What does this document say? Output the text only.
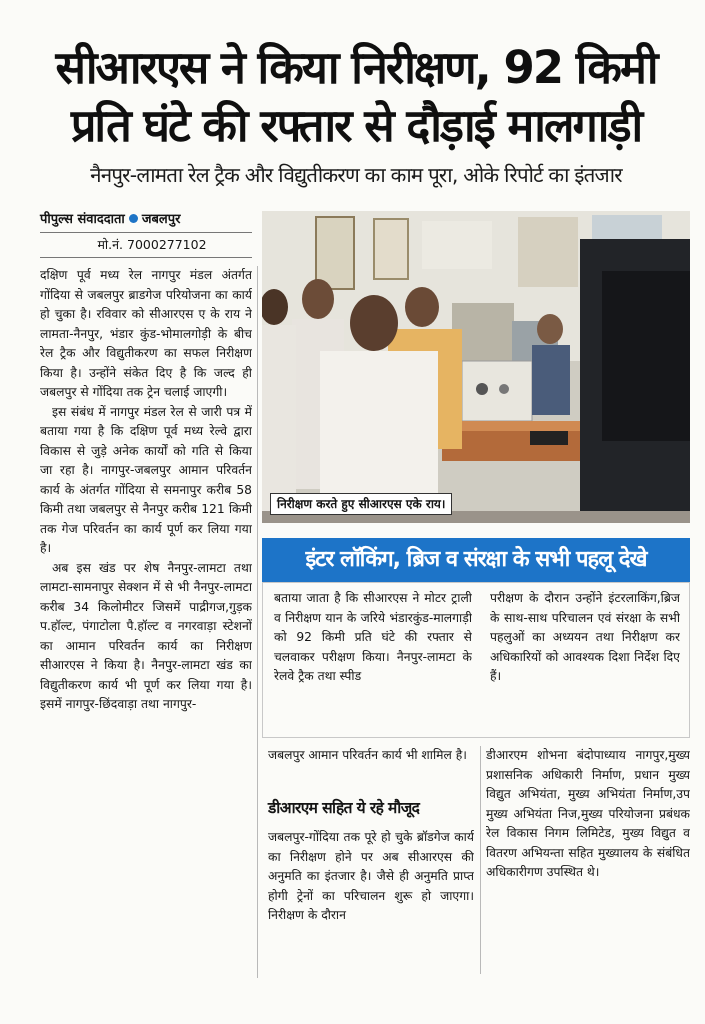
सीआरएस ने किया निरीक्षण, 92 किमी
प्रति घंटे की रफ्तार से दौड़ाई मालगाड़ी
नैनपुर-लामता रेल ट्रैक और विद्युतीकरण का काम पूरा, ओके रिपोर्ट का इंतजार
पीपुल्स संवाददाता जबलपुर
मो.नं. 7000277102

दक्षिण पूर्व मध्य रेल नागपुर मंडल अंतर्गत गोंदिया से जबलपुर ब्राडगेज परियोजना का कार्य हो चुका है। रविवार को सीआरएस ए के राय ने लामता-नैनपुर, भंडार कुंड-भोमालगोड़ी के बीच रेल ट्रैक और विद्युतीकरण का सफल निरीक्षण किया है। उन्होंने संकेत दिए है कि जल्द ही जबलपुर से गोंदिया तक ट्रेन चलाई जाएगी।

इस संबंध में नागपुर मंडल रेल से जारी पत्र में बताया गया है कि दक्षिण पूर्व मध्य रेल्वे द्वारा विकास से जुड़े अनेक कार्यों को गति से किया जा रहा है। नागपुर-जबलपुर आमान परिवर्तन कार्य के अंतर्गत गोंदिया से समनापुर करीब 58 किमी तथा जबलपुर से नैनपुर करीब 121 किमी तक गेज परिवर्तन का कार्य पूर्ण कर लिया गया है।

अब इस खंड पर शेष नैनपुर-लामटा तथा लामटा-सामनापुर सेक्शन में से भी नैनपुर-लामटा करीब 34 किलोमीटर जिसमें पाद्रीगज,गुड़क प.हॉल्ट, पंगाटोला पै.हॉल्ट व नगरवाड़ा स्टेशनों का आमान परिवर्तन कार्य का निरीक्षण सीआरएस ने किया है। नैनपुर-लामटा खंड का विद्युतीकरण कार्य भी पूर्ण कर लिया गया है। इसमें नागपुर-छिंदवाड़ा तथा नागपुर-

निरीक्षण करते हुए सीआरएस एके राय।
इंटर लॉकिंग, ब्रिज व संरक्षा के सभी पहलू देखे
बताया जाता है कि सीआरएस ने मोटर ट्राली व निरीक्षण यान के जरिये भंडारकुंड-मालगाड़ी को 92 किमी प्रति घंटे की रफ्तार से चलवाकर परीक्षण किया। नैनपुर-लामटा के रेलवे ट्रैक तथा स्पीड
परीक्षण के दौरान उन्होंने इंटरलाकिंग,ब्रिज के साथ-साथ परिचालन एवं संरक्षा के सभी पहलुओं का अध्ययन तथा निरीक्षण कर अधिकारियों को आवश्यक दिशा निर्देश दिए हैं।
जबलपुर आमान परिवर्तन कार्य भी शामिल है।
डीआरएम सहित ये रहे मौजूद
जबलपुर-गोंदिया तक पूरे हो चुके ब्रॉडगेज कार्य का निरीक्षण होने पर अब सीआरएस की अनुमति का इंतजार है। जैसे ही अनुमति प्राप्त होगी ट्रेनों का परिचालन शुरू हो जाएगा। निरीक्षण के दौरान
डीआरएम शोभना बंदोपाध्याय नागपुर,मुख्य प्रशासनिक अधिकारी निर्माण, प्रधान मुख्य विद्युत अभियंता, मुख्य अभियंता निर्माण,उप मुख्य अभियंता निज,मुख्य परियोजना प्रबंधक रेल विकास निगम लिमिटेड, मुख्य विद्युत व वितरण अभियन्ता सहित मुख्यालय के संबंधित अधिकारीगण उपस्थित थे।
